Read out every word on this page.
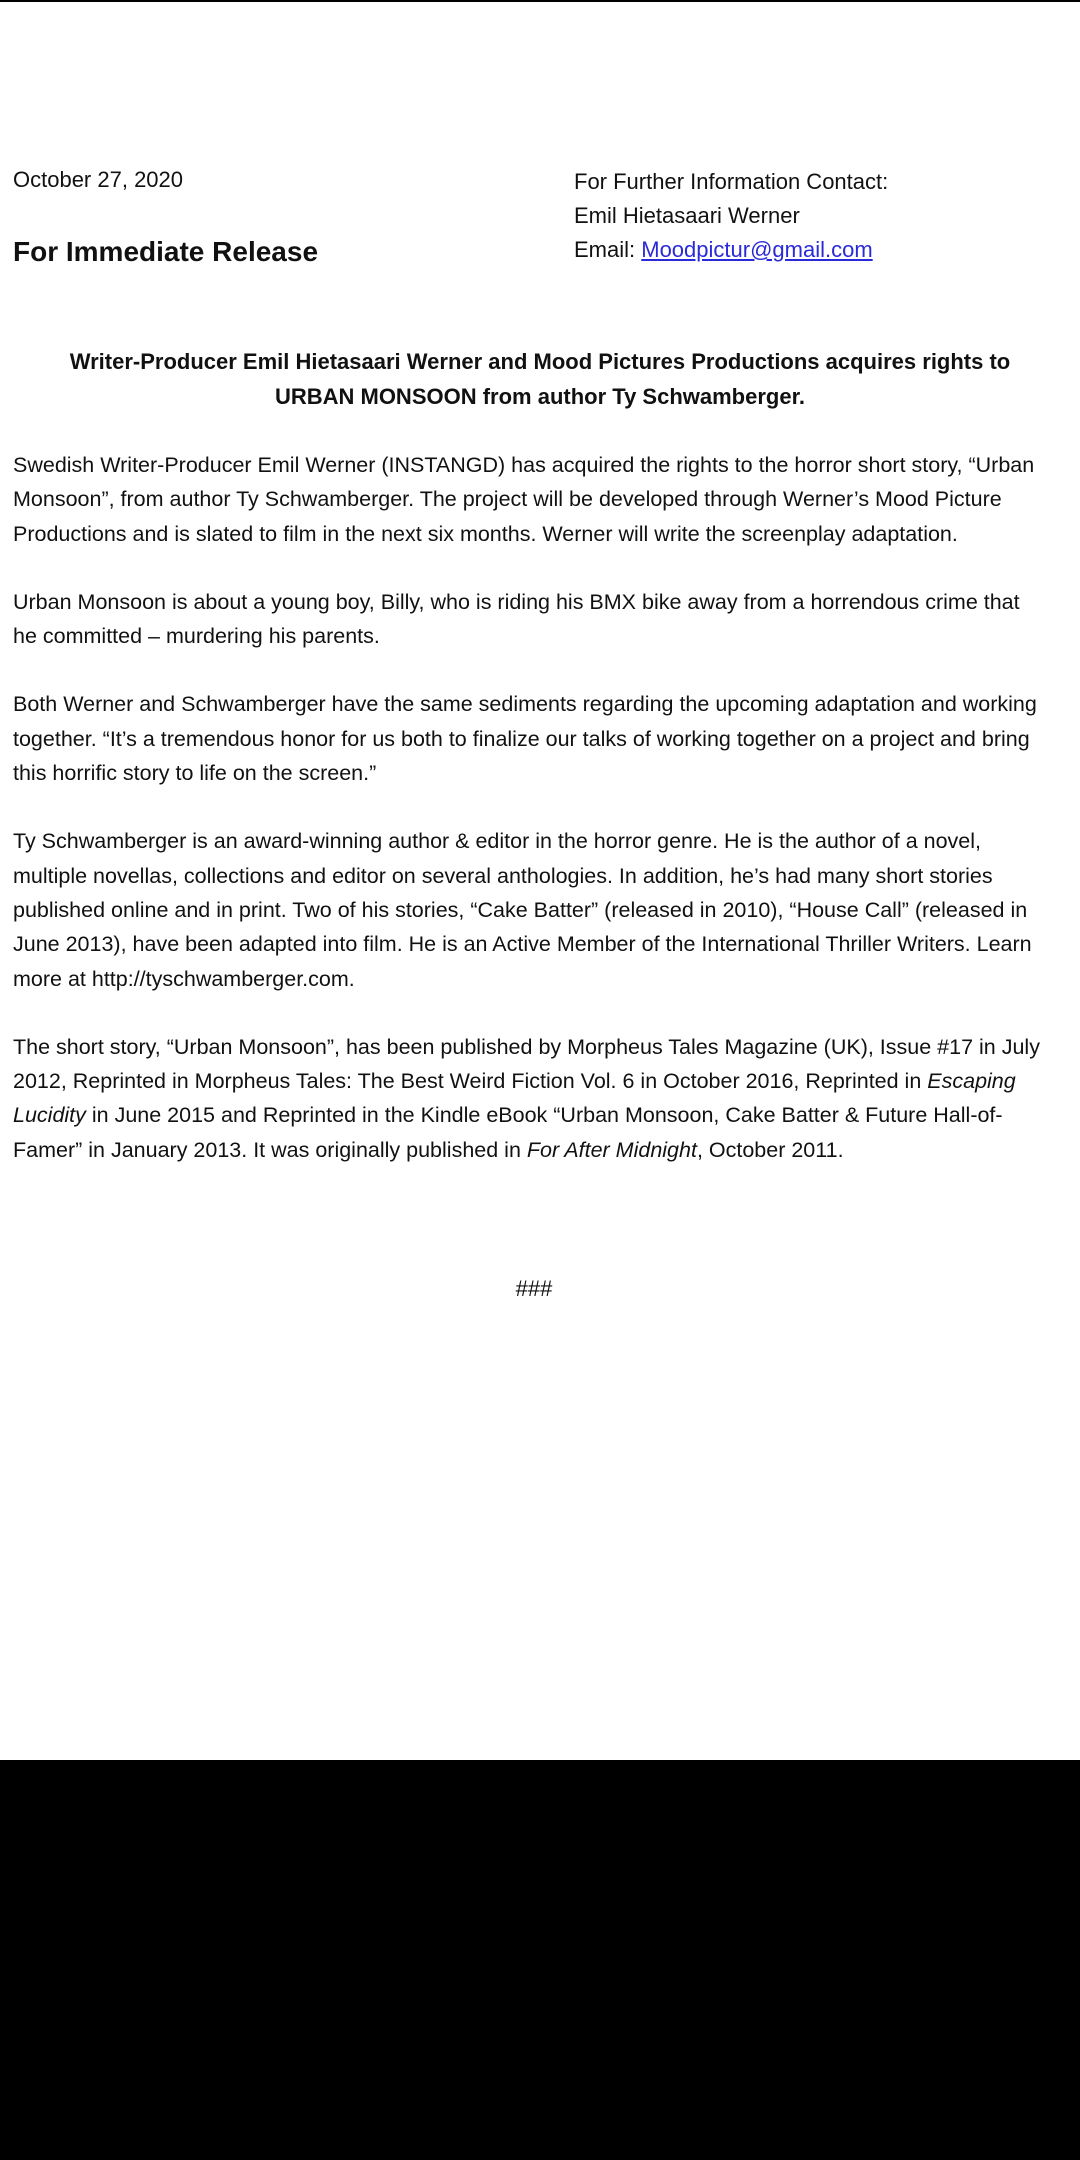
October 27, 2020
For Immediate Release
For Further Information Contact:
Emil Hietasaari Werner
Email: Moodpictur@gmail.com
Writer-Producer Emil Hietasaari Werner and Mood Pictures Productions acquires rights to URBAN MONSOON from author Ty Schwamberger.

Swedish Writer-Producer Emil Werner (INSTANGD) has acquired the rights to the horror short story, “Urban Monsoon”, from author Ty Schwamberger. The project will be developed through Werner’s Mood Picture Productions and is slated to film in the next six months. Werner will write the screenplay adaptation.

Urban Monsoon is about a young boy, Billy, who is riding his BMX bike away from a horrendous crime that he committed – murdering his parents.

Both Werner and Schwamberger have the same sediments regarding the upcoming adaptation and working together. “It’s a tremendous honor for us both to finalize our talks of working together on a project and bring this horrific story to life on the screen.”

Ty Schwamberger is an award-winning author & editor in the horror genre. He is the author of a novel, multiple novellas, collections and editor on several anthologies. In addition, he’s had many short stories published online and in print. Two of his stories, “Cake Batter” (released in 2010), “House Call” (released in June 2013), have been adapted into film. He is an Active Member of the International Thriller Writers. Learn more at http://tyschwamberger.com.

The short story, “Urban Monsoon”, has been published by Morpheus Tales Magazine (UK), Issue #17 in July 2012, Reprinted in Morpheus Tales: The Best Weird Fiction Vol. 6 in October 2016, Reprinted in Escaping Lucidity in June 2015 and Reprinted in the Kindle eBook “Urban Monsoon, Cake Batter & Future Hall-of-Famer” in January 2013. It was originally published in For After Midnight, October 2011.

###
